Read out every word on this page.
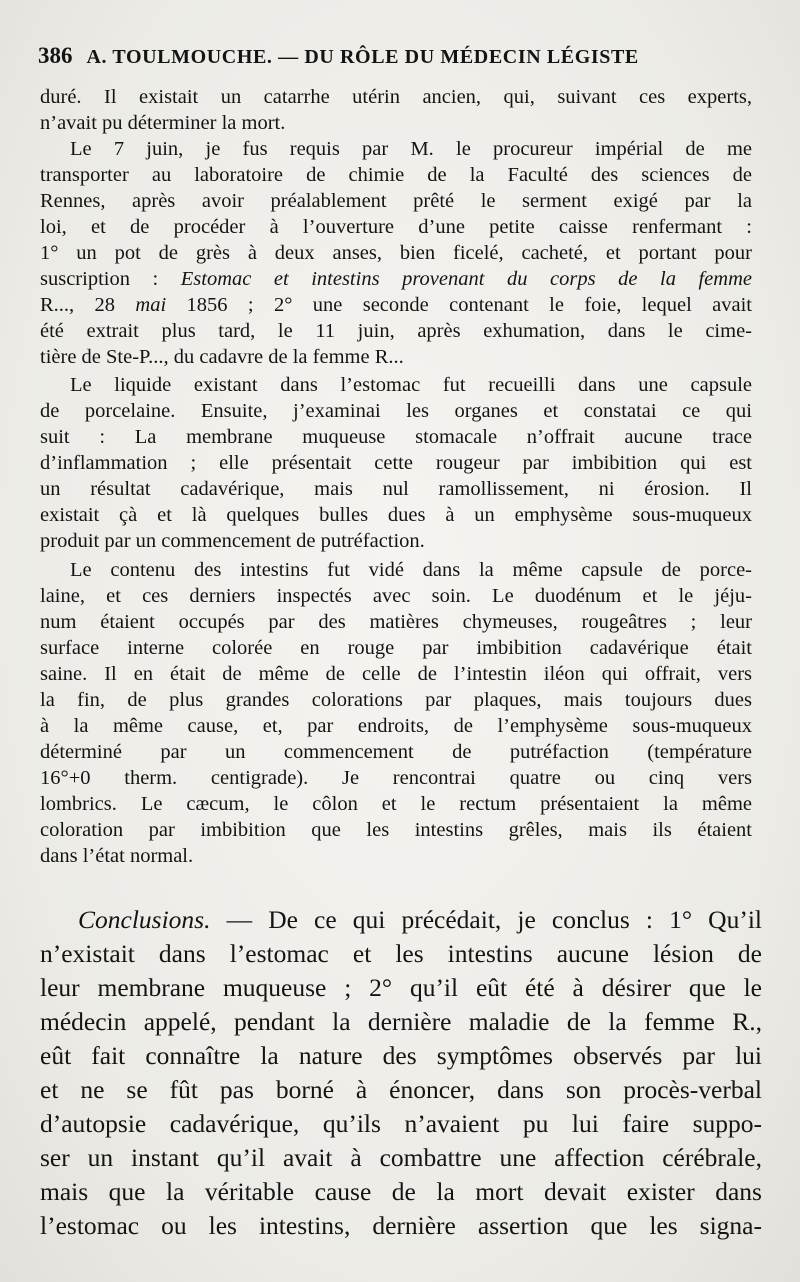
386 A. TOULMOUCHE. — DU RÔLE DU MÉDECIN LÉGISTE
duré. Il existait un catarrhe utérin ancien, qui, suivant ces experts,
n’avait pu déterminer la mort.
Le 7 juin, je fus requis par M. le procureur impérial de me
transporter au laboratoire de chimie de la Faculté des sciences de
Rennes, après avoir préalablement prêté le serment exigé par la
loi, et de procéder à l’ouverture d’une petite caisse renfermant :
1° un pot de grès à deux anses, bien ficelé, cacheté, et portant pour
suscription : Estomac et intestins provenant du corps de la femme
R..., 28 mai 1856 ; 2° une seconde contenant le foie, lequel avait
été extrait plus tard, le 11 juin, après exhumation, dans le cime-
tière de Ste-P..., du cadavre de la femme R...
Le liquide existant dans l’estomac fut recueilli dans une capsule
de porcelaine. Ensuite, j’examinai les organes et constatai ce qui
suit : La membrane muqueuse stomacale n’offrait aucune trace
d’inflammation ; elle présentait cette rougeur par imbibition qui est
un résultat cadavérique, mais nul ramollissement, ni érosion. Il
existait çà et là quelques bulles dues à un emphysème sous-muqueux
produit par un commencement de putréfaction.
Le contenu des intestins fut vidé dans la même capsule de porce-
laine, et ces derniers inspectés avec soin. Le duodénum et le jéju-
num étaient occupés par des matières chymeuses, rougeâtres ; leur
surface interne colorée en rouge par imbibition cadavérique était
saine. Il en était de même de celle de l’intestin iléon qui offrait, vers
la fin, de plus grandes colorations par plaques, mais toujours dues
à la même cause, et, par endroits, de l’emphysème sous-muqueux
déterminé par un commencement de putréfaction (température
16°+0 therm. centigrade). Je rencontrai quatre ou cinq vers
lombrics. Le cæcum, le côlon et le rectum présentaient la même
coloration par imbibition que les intestins grêles, mais ils étaient
dans l’état normal.
Conclusions. — De ce qui précédait, je conclus : 1° Qu’il
n’existait dans l’estomac et les intestins aucune lésion de
leur membrane muqueuse ; 2° qu’il eût été à désirer que le
médecin appelé, pendant la dernière maladie de la femme R.,
eût fait connaître la nature des symptômes observés par lui
et ne se fût pas borné à énoncer, dans son procès-verbal
d’autopsie cadavérique, qu’ils n’avaient pu lui faire suppo-
ser un instant qu’il avait à combattre une affection cérébrale,
mais que la véritable cause de la mort devait exister dans
l’estomac ou les intestins, dernière assertion que les signa-
